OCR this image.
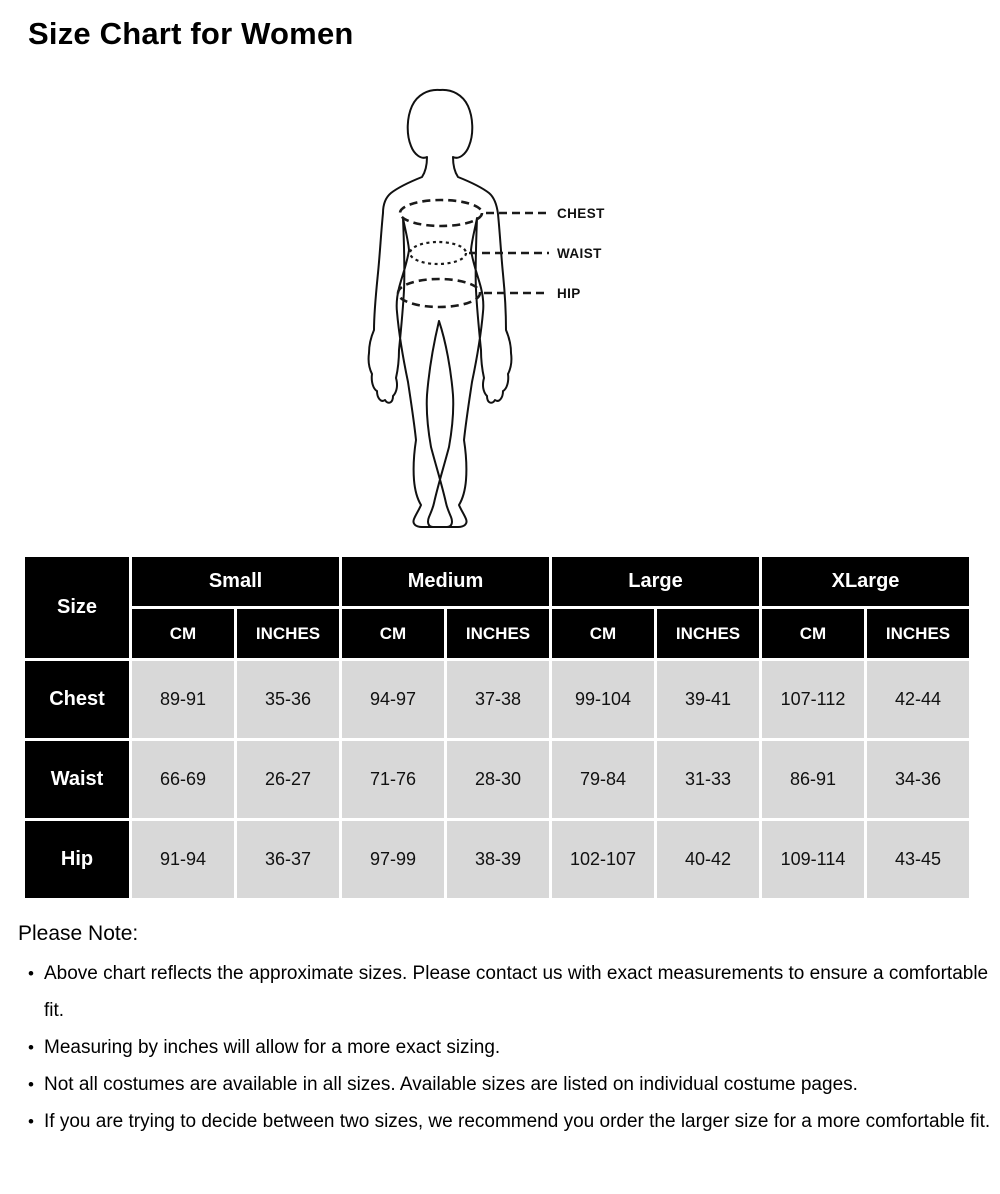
Size Chart for Women
CHEST
WAIST
HIP
Size	Small		Medium		Large		XLarge	
	CM	INCHES	CM	INCHES	CM	INCHES	CM	INCHES
Chest	89-91	35-36	94-97	37-38	99-104	39-41	107-112	42-44
Waist	66-69	26-27	71-76	28-30	79-84	31-33	86-91	34-36
Hip	91-94	36-37	97-99	38-39	102-107	40-42	109-114	43-45

Please Note:

• Above chart reflects the approximate sizes. Please contact us with exact measurements to ensure a comfortable fit.
• Measuring by inches will allow for a more exact sizing.
• Not all costumes are available in all sizes. Available sizes are listed on individual costume pages.
• If you are trying to decide between two sizes, we recommend you order the larger size for a more comfortable fit.
